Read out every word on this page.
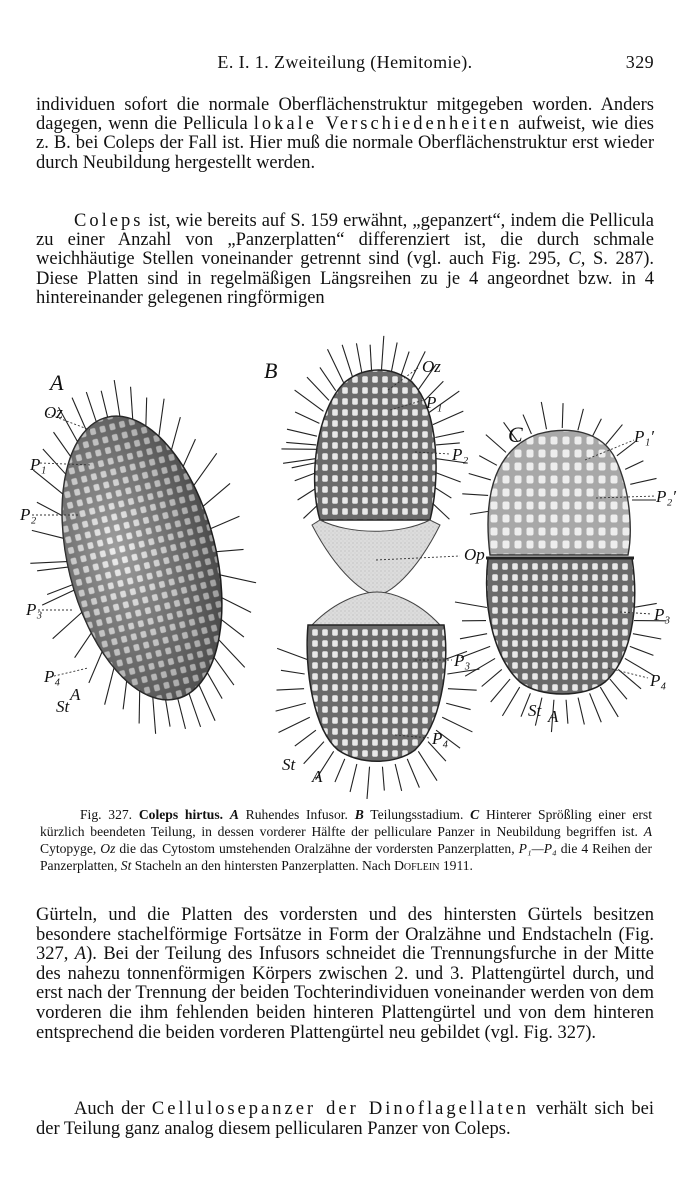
E. I. 1. Zweiteilung (Hemitomie).	329

individuen sofort die normale Oberflächenstruktur mitgegeben worden. Anders dagegen, wenn die Pellicula lokale Verschiedenheiten aufweist, wie dies z. B. bei Coleps der Fall ist. Hier muß die normale Oberflächenstruktur erst wieder durch Neubildung hergestellt werden.

Coleps ist, wie bereits auf S. 159 erwähnt, „gepanzert“, indem die Pellicula zu einer Anzahl von „Panzerplatten“ differenziert ist, die durch schmale weichhäutige Stellen voneinander getrennt sind (vgl. auch Fig. 295, C, S. 287). Diese Platten sind in regelmäßigen Längsreihen zu je 4 angeordnet bzw. in 4 hintereinander gelegenen ringförmigen

A
Oz
P₁
P₂
P₃
P₄
A
St
B	Oz
P₁
P₂
Op
P₃
P₄
St
A
C	P₁′
P₂′
P₃
P₄
St A

Fig. 327. Coleps hirtus. A Ruhendes Infusor. B Teilungsstadium. C Hinterer Sprößling einer erst kürzlich beendeten Teilung, in dessen vorderer Hälfte der pelliculare Panzer in Neubildung begriffen ist. A Cytopyge, Oz die das Cytostom umstehenden Oralzähne der vordersten Panzerplatten, P₁—P₄ die 4 Reihen der Panzerplatten, St Stacheln an den hintersten Panzerplatten. Nach Doflein 1911.

Gürteln, und die Platten des vordersten und des hintersten Gürtels besitzen besondere stachelförmige Fortsätze in Form der Oralzähne und Endstacheln (Fig. 327, A). Bei der Teilung des Infusors schneidet die Trennungsfurche in der Mitte des nahezu tonnenförmigen Körpers zwischen 2. und 3. Plattengürtel durch, und erst nach der Trennung der beiden Tochterindividuen voneinander werden von dem vorderen die ihm fehlenden beiden hinteren Plattengürtel und von dem hinteren entsprechend die beiden vorderen Plattengürtel neu gebildet (vgl. Fig. 327).

Auch der Cellulosepanzer der Dinoflagellaten verhält sich bei der Teilung ganz analog diesem pellicularen Panzer von Coleps.
